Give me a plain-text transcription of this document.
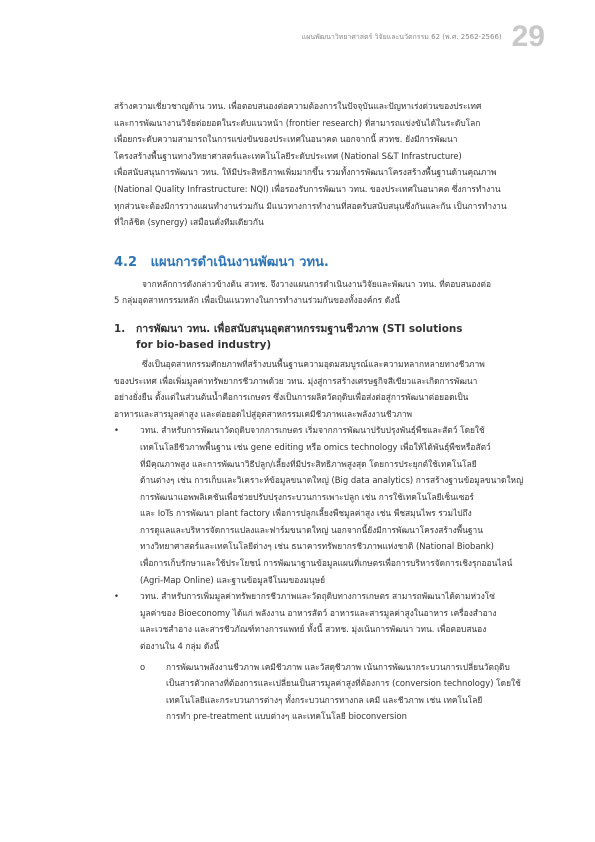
แผนพัฒนาวิทยาศาสตร์ วิจัยและนวัตกรรม 62 (พ.ศ. 2562-2566) 29

สร้างความเชี่ยวชาญด้าน วทน. เพื่อตอบสนองต่อความต้องการในปัจจุบันและปัญหาเร่งด่วนของประเทศ

และการพัฒนางานวิจัยต่อยอดในระดับแนวหน้า (frontier research) ที่สามารถแข่งขันได้ในระดับโลก

เพื่อยกระดับความสามารถในการแข่งขันของประเทศในอนาคต นอกจากนี้ สวทช. ยังมีการพัฒนา

โครงสร้างพื้นฐานทางวิทยาศาสตร์และเทคโนโลยีระดับประเทศ (National S&T Infrastructure)

เพื่อสนับสนุนการพัฒนา วทน. ให้มีประสิทธิภาพเพิ่มมากขึ้น รวมทั้งการพัฒนาโครงสร้างพื้นฐานด้านคุณภาพ

(National Quality Infrastructure: NQI) เพื่อรองรับการพัฒนา วทน. ของประเทศในอนาคต ซึ่งการทำงาน

ทุกส่วนจะต้องมีการวางแผนทำงานร่วมกัน มีแนวทางการทำงานที่สอดรับสนับสนุนซึ่งกันและกัน เป็นการทำงาน

ที่ใกล้ชิด (synergy) เสมือนดั่งทีมเดียวกัน

4.2 แผนการดำเนินงานพัฒนา วทน.

จากหลักการดังกล่าวข้างต้น สวทช. จึงวางแผนการดำเนินงานวิจัยและพัฒนา วทน. ที่ตอบสนองต่อ

5 กลุ่มอุตสาหกรรมหลัก เพื่อเป็นแนวทางในการทำงานร่วมกันของทั้งองค์กร ดังนี้

1.	การพัฒนา วทน. เพื่อสนับสนุนอุตสาหกรรมฐานชีวภาพ (STI solutions
for bio-based industry)

ซึ่งเป็นอุตสาหกรรมศักยภาพที่สร้างบนพื้นฐานความอุดมสมบูรณ์และความหลากหลายทางชีวภาพ

ของประเทศ เพื่อเพิ่มมูลค่าทรัพยากรชีวภาพด้วย วทน. มุ่งสู่การสร้างเศรษฐกิจสีเขียวและเกิดการพัฒนา

อย่างยั่งยืน ตั้งแต่ในส่วนต้นน้ำคือการเกษตร ซึ่งเป็นการผลิตวัตถุดิบเพื่อส่งต่อสู่การพัฒนาต่อยอดเป็น

อาหารและสารมูลค่าสูง และต่อยอดไปสู่อุตสาหกรรมเคมีชีวภาพและพลังงานชีวภาพ

•	วทน. สำหรับการพัฒนาวัตถุดิบจากการเกษตร เริ่มจากการพัฒนาปรับปรุงพันธุ์พืชและสัตว์ โดยใช้

เทคโนโลยีชีวภาพพื้นฐาน เช่น gene editing หรือ omics technology เพื่อให้ได้พันธุ์พืชหรือสัตว์

ที่มีคุณภาพสูง และการพัฒนาวิธีปลูก/เลี้ยงที่มีประสิทธิภาพสูงสุด โดยการประยุกต์ใช้เทคโนโลยี

ด้านต่างๆ เช่น การเก็บและวิเคราะห์ข้อมูลขนาดใหญ่ (Big data analytics) การสร้างฐานข้อมูลขนาดใหญ่

การพัฒนาแอพพลิเคชันเพื่อช่วยปรับปรุงกระบวนการเพาะปลูก เช่น การใช้เทคโนโลยีเซ็นเซอร์

และ IoTs การพัฒนา plant factory เพื่อการปลูกเลี้ยงพืชมูลค่าสูง เช่น พืชสมุนไพร รวมไปถึง

การดูแลและบริหารจัดการแปลงและฟาร์มขนาดใหญ่ นอกจากนี้ยังมีการพัฒนาโครงสร้างพื้นฐาน

ทางวิทยาศาสตร์และเทคโนโลยีต่างๆ เช่น ธนาคารทรัพยากรชีวภาพแห่งชาติ (National Biobank)

เพื่อการเก็บรักษาและใช้ประโยชน์ การพัฒนาฐานข้อมูลแผนที่เกษตรเพื่อการบริหารจัดการเชิงรุกออนไลน์

(Agri-Map Online) และฐานข้อมูลจีโนมของมนุษย์

•	วทน. สำหรับการเพิ่มมูลค่าทรัพยากรชีวภาพและวัตถุดิบทางการเกษตร สามารถพัฒนาได้ตามห่วงโซ่

มูลค่าของ Bioeconomy ได้แก่ พลังงาน อาหารสัตว์ อาหารและสารมูลค่าสูงในอาหาร เครื่องสำอาง

และเวชสำอาง และสารชีวภัณฑ์ทางการแพทย์ ทั้งนี้ สวทช. มุ่งเน้นการพัฒนา วทน. เพื่อตอบสนอง

ต่องานใน 4 กลุ่ม ดังนี้

o	การพัฒนาพลังงานชีวภาพ เคมีชีวภาพ และวัสดุชีวภาพ เน้นการพัฒนากระบวนการเปลี่ยนวัตถุดิบ

เป็นสารตัวกลางที่ต้องการและเปลี่ยนเป็นสารมูลค่าสูงที่ต้องการ (conversion technology) โดยใช้

เทคโนโลยีและกระบวนการต่างๆ ทั้งกระบวนการทางกล เคมี และชีวภาพ เช่น เทคโนโลยี

การทำ pre-treatment แบบต่างๆ และเทคโนโลยี bioconversion
